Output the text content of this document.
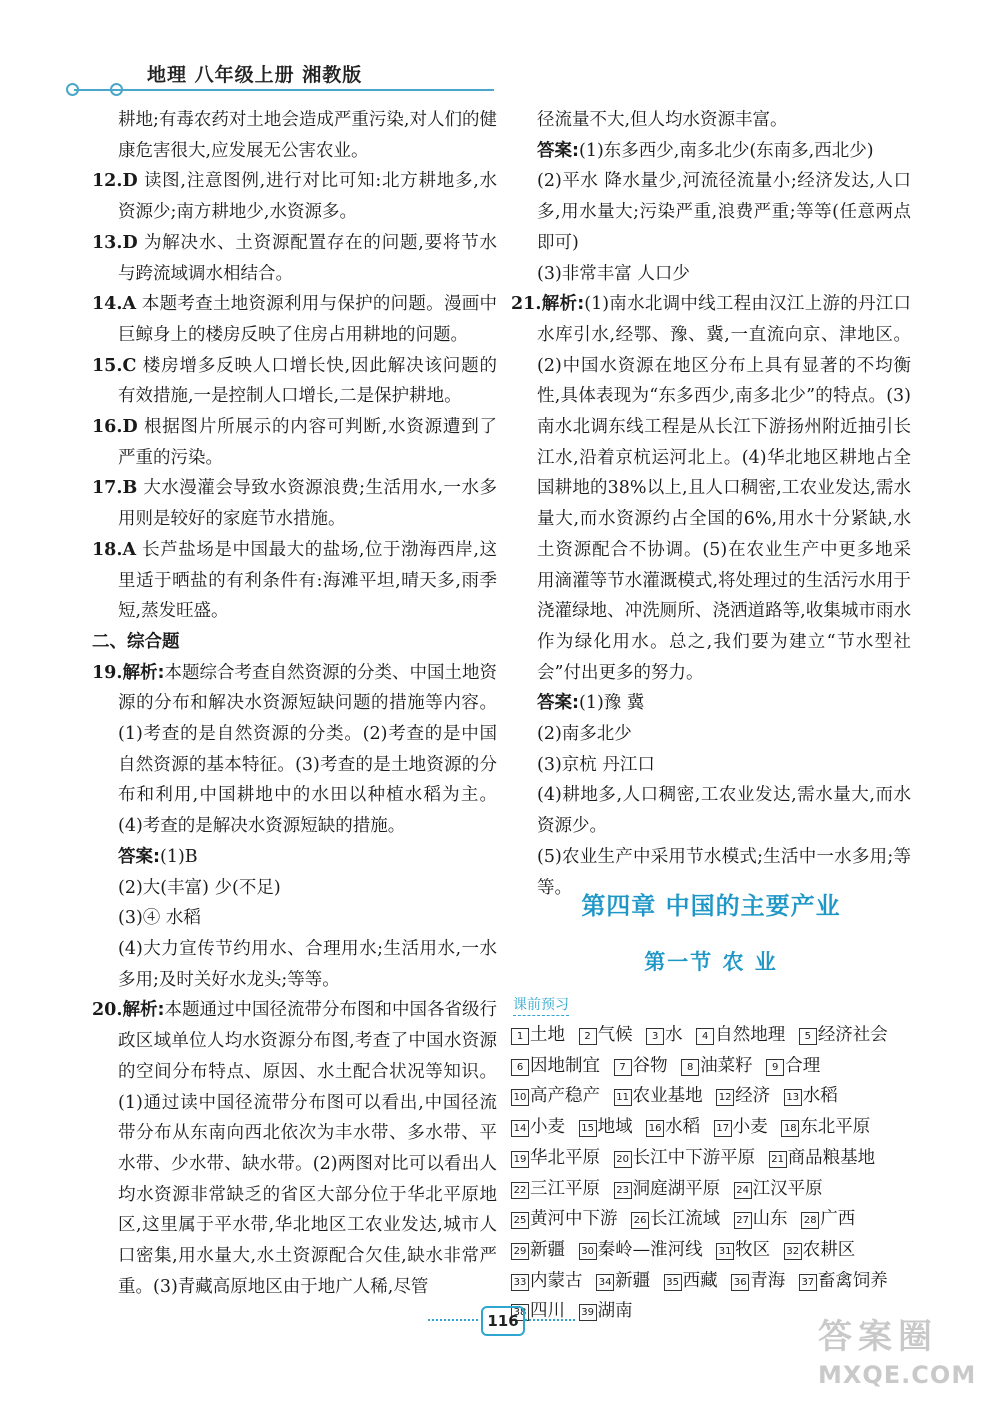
地理 八年级上册 湘教版

耕地;有毒农药对土地会造成严重污染,对人们的健康危害很大,应发展无公害农业。

12.D 读图,注意图例,进行对比可知:北方耕地多,水资源少;南方耕地少,水资源多。

13.D 为解决水、土资源配置存在的问题,要将节水与跨流域调水相结合。

14.A 本题考查土地资源利用与保护的问题。漫画中巨鲸身上的楼房反映了住房占用耕地的问题。

15.C 楼房增多反映人口增长快,因此解决该问题的有效措施,一是控制人口增长,二是保护耕地。

16.D 根据图片所展示的内容可判断,水资源遭到了严重的污染。

17.B 大水漫灌会导致水资源浪费;生活用水,一水多用则是较好的家庭节水措施。

18.A 长芦盐场是中国最大的盐场,位于渤海西岸,这里适于晒盐的有利条件有:海滩平坦,晴天多,雨季短,蒸发旺盛。

二、综合题

19.解析:本题综合考查自然资源的分类、中国土地资源的分布和解决水资源短缺问题的措施等内容。(1)考查的是自然资源的分类。(2)考查的是中国自然资源的基本特征。(3)考查的是土地资源的分布和利用,中国耕地中的水田以种植水稻为主。(4)考查的是解决水资源短缺的措施。

答案:(1)B

(2)大(丰富) 少(不足)

(3)④ 水稻

(4)大力宣传节约用水、合理用水;生活用水,一水多用;及时关好水龙头;等等。

20.解析:本题通过中国径流带分布图和中国各省级行政区域单位人均水资源分布图,考查了中国水资源的空间分布特点、原因、水土配合状况等知识。(1)通过读中国径流带分布图可以看出,中国径流带分布从东南向西北依次为丰水带、多水带、平水带、少水带、缺水带。(2)两图对比可以看出人均水资源非常缺乏的省区大部分位于华北平原地区,这里属于平水带,华北地区工农业发达,城市人口密集,用水量大,水土资源配合欠佳,缺水非常严重。(3)青藏高原地区由于地广人稀,尽管

径流量不大,但人均水资源丰富。

答案:(1)东多西少,南多北少(东南多,西北少)

(2)平水 降水量少,河流径流量小;经济发达,人口多,用水量大;污染严重,浪费严重;等等(任意两点即可)

(3)非常丰富 人口少

21.解析:(1)南水北调中线工程由汉江上游的丹江口水库引水,经鄂、豫、冀,一直流向京、津地区。(2)中国水资源在地区分布上具有显著的不均衡性,具体表现为“东多西少,南多北少”的特点。(3)南水北调东线工程是从长江下游扬州附近抽引长江水,沿着京杭运河北上。(4)华北地区耕地占全国耕地的38%以上,且人口稠密,工农业发达,需水量大,而水资源约占全国的6%,用水十分紧缺,水土资源配合不协调。(5)在农业生产中更多地采用滴灌等节水灌溉模式,将处理过的生活污水用于浇灌绿地、冲洗厕所、浇洒道路等,收集城市雨水作为绿化用水。总之,我们要为建立“节水型社会”付出更多的努力。

答案:(1)豫 冀

(2)南多北少

(3)京杭 丹江口

(4)耕地多,人口稠密,工农业发达,需水量大,而水资源少。

(5)农业生产中采用节水模式;生活中一水多用;等等。

第四章 中国的主要产业
第一节 农 业
课前预习
1 土地 2 气候 3 水 4 自然地理 5 经济社会 6 因地制宜 7 谷物 8 油菜籽 9 合理 10 高产稳产 11 农业基地 12 经济 13 水稻 14 小麦 15 地域 16 水稻 17 小麦 18 东北平原 19 华北平原 20 长江中下游平原 21 商品粮基地 22 三江平原 23 洞庭湖平原 24 江汉平原 25 黄河中下游 26 长江流域 27 山东 28 广西 29 新疆 30 秦岭—淮河线 31 牧区 32 农耕区 33 内蒙古 34 新疆 35 西藏 36 青海 37 畜禽饲养 38 四川 39 湖南
116	答案圈
MXQE.COM
